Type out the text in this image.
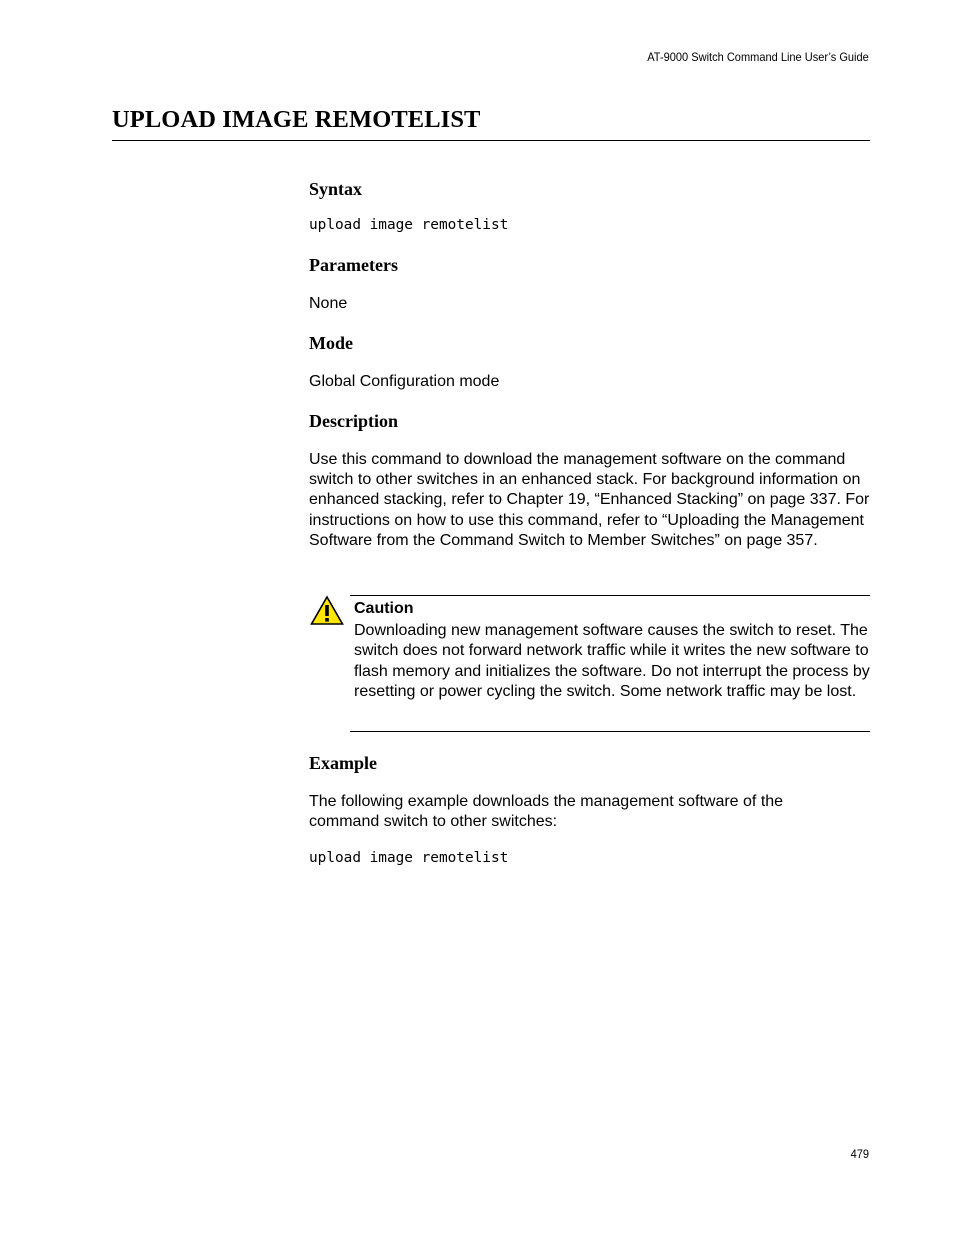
AT-9000 Switch Command Line User’s Guide
UPLOAD IMAGE REMOTELIST
Syntax
upload image remotelist
Parameters

None

Mode

Global Configuration mode

Description

Use this command to download the management software on the command switch to other switches in an enhanced stack. For background information on enhanced stacking, refer to Chapter 19, “Enhanced Stacking” on page 337. For instructions on how to use this command, refer to “Uploading the Management Software from the Command Switch to Member Switches” on page 357.

Example

The following example downloads the management software of the command switch to other switches:

upload image remotelist

Caution

Downloading new management software causes the switch to reset. The switch does not forward network traffic while it writes the new software to flash memory and initializes the software. Do not interrupt the process by resetting or power cycling the switch. Some network traffic may be lost.

479
